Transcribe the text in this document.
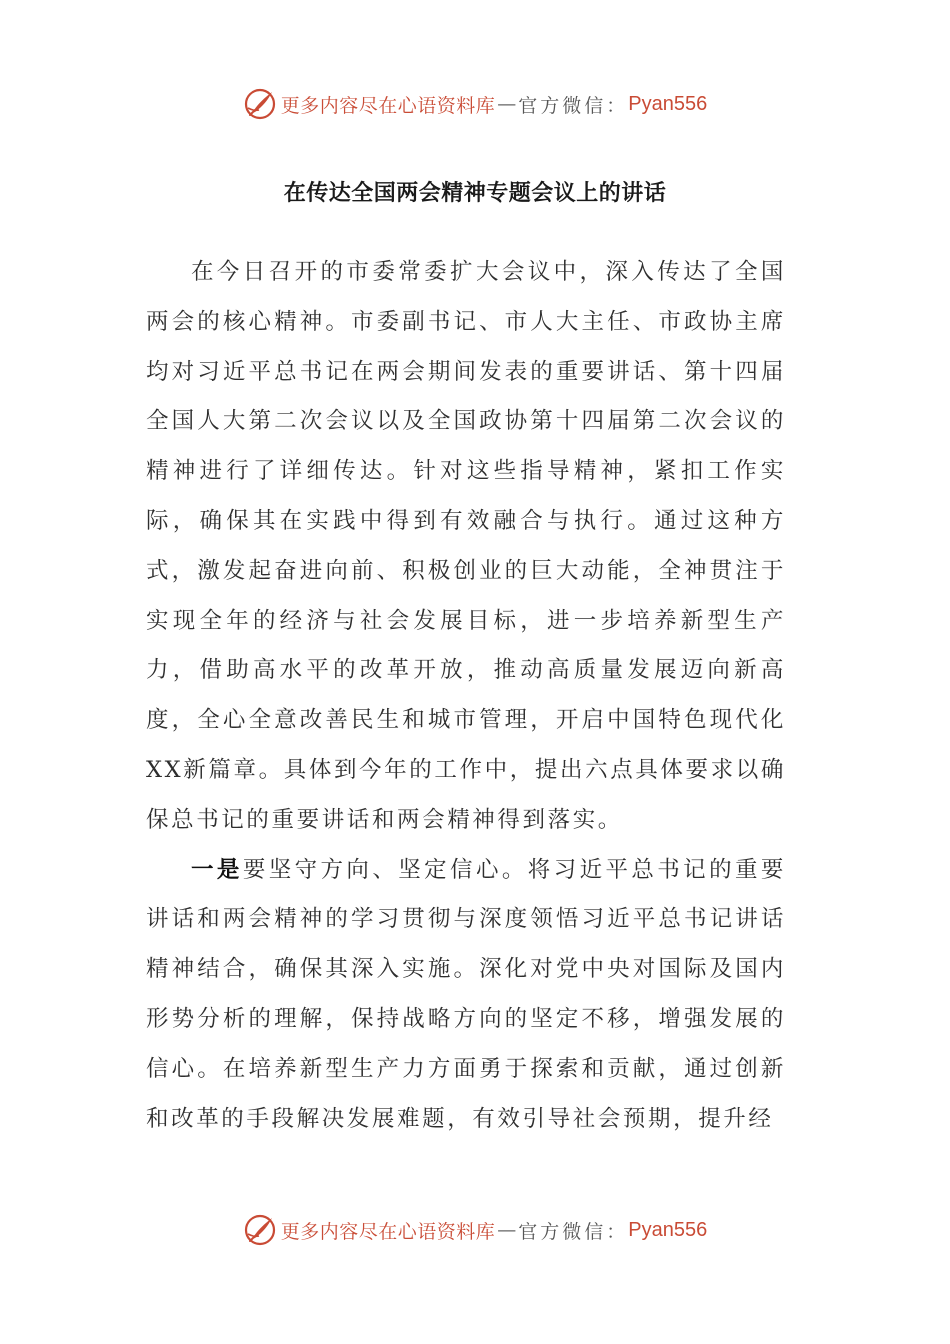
更多内容尽在心语资料库 — 官方微信： Pyan556
在传达全国两会精神专题会议上的讲话

在今日召开的市委常委扩大会议中，深入传达了全国两会的核心精神。市委副书记、市人大主任、市政协主席均对习近平总书记在两会期间发表的重要讲话、第十四届全国人大第二次会议以及全国政协第十四届第二次会议的精神进行了详细传达。针对这些指导精神，紧扣工作实际，确保其在实践中得到有效融合与执行。通过这种方式，激发起奋进向前、积极创业的巨大动能，全神贯注于实现全年的经济与社会发展目标，进一步培养新型生产力，借助高水平的改革开放，推动高质量发展迈向新高度，全心全意改善民生和城市管理，开启中国特色现代化XX新篇章。具体到今年的工作中，提出六点具体要求以确保总书记的重要讲话和两会精神得到落实。

一是要坚守方向、坚定信心。将习近平总书记的重要讲话和两会精神的学习贯彻与深度领悟习近平总书记讲话精神结合，确保其深入实施。深化对党中央对国际及国内形势分析的理解，保持战略方向的坚定不移，增强发展的信心。在培养新型生产力方面勇于探索和贡献，通过创新和改革的手段解决发展难题，有效引导社会预期，提升经

更多内容尽在心语资料库 — 官方微信： Pyan556
